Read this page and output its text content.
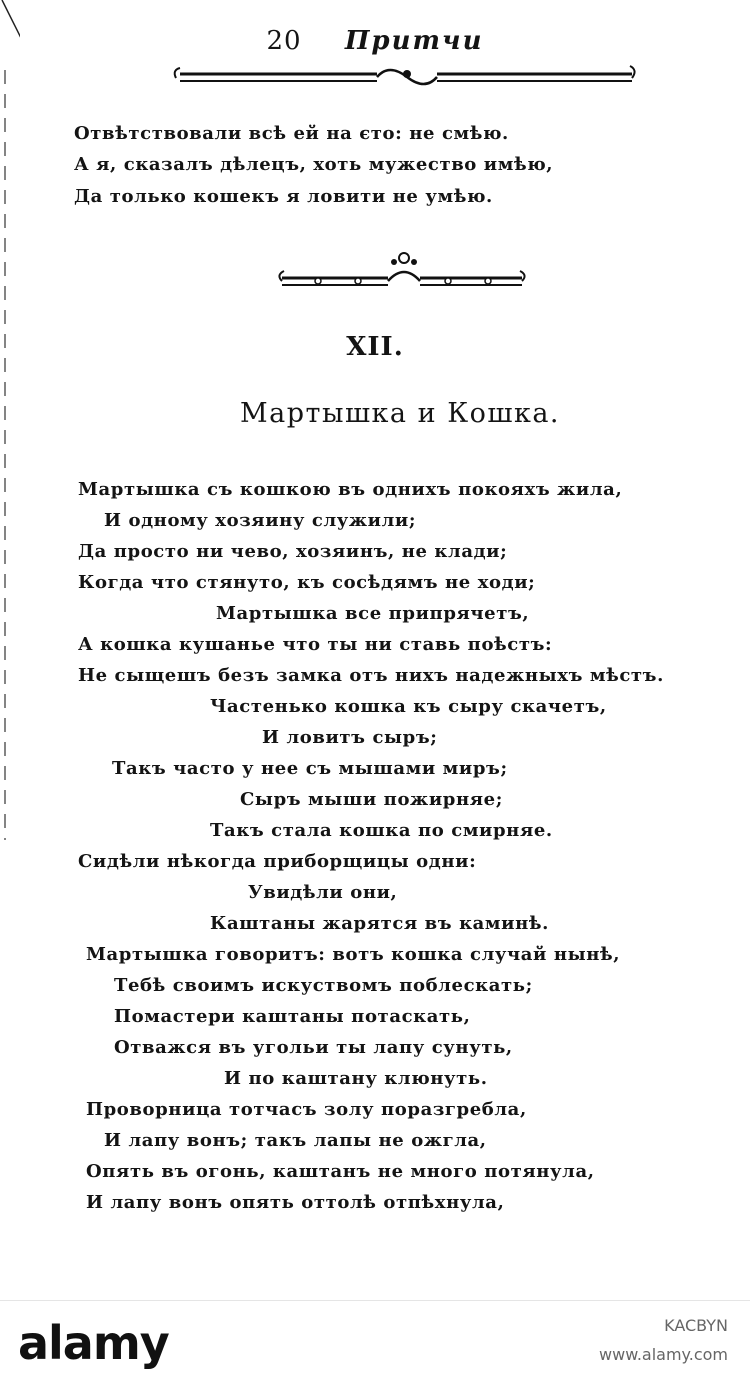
20 Притчи
Отвѣтствовали всѣ ей на єто: не смѣю.
А я, сказалъ дѣлецъ, хоть мужество имѣю,
Да только кошекъ я ловити не умѣю.
XII.
Мартышка и Кошка.
Мартышка съ кошкою въ однихъ покояхъ жила,
И одному хозяину служили;
Да просто ни чево, хозяинъ, не клади;
Когда что стянуто, къ сосѣдямъ не ходи;
Мартышка все припрячетъ,
А кошка кушанье что ты ни ставь поѣстъ:
Не сыщешъ безъ замка отъ нихъ надежныхъ мѣстъ.
Частенько кошка къ сыру скачетъ,
И ловитъ сыръ;
Такъ часто у нее съ мышами миръ;
Сыръ мыши пожирняе;
Такъ стала кошка по смирняе.
Сидѣли нѣкогда приборщицы одни:
Увидѣли они,
Каштаны жарятся въ каминѣ.
Мартышка говоритъ: вотъ кошка случай нынѣ,
Тебѣ своимъ искуствомъ поблескать;
Помастери каштаны потаскать,
Отважся въ угольи ты лапу сунуть,
И по каштану клюнуть.
Проворница тотчасъ золу поразгребла,
И лапу вонъ; такъ лапы не ожгла,
Опять въ огонь, каштанъ не много потянула,
И лапу вонъ опять оттолѣ отпѣхнула,
alamy	KACBYN
www.alamy.com
